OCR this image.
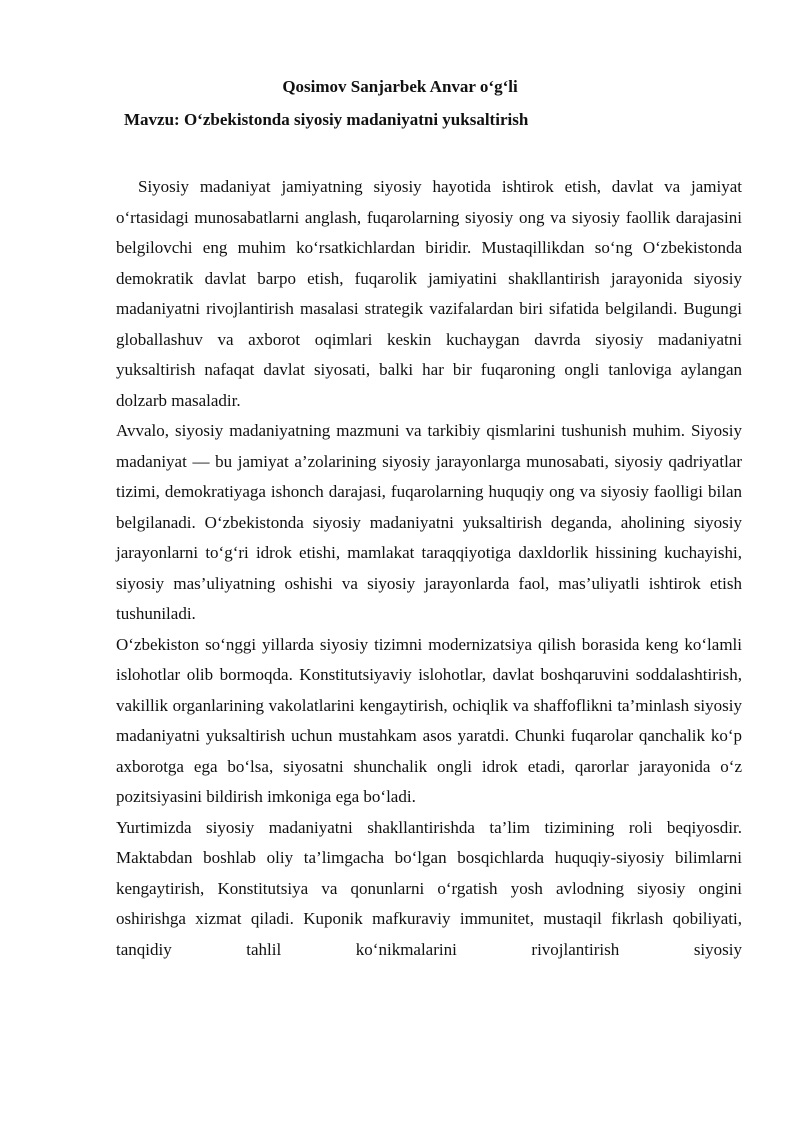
Qosimov Sanjarbek Anvar o‘g‘li

Mavzu: O‘zbekistonda siyosiy madaniyatni yuksaltirish

Siyosiy madaniyat jamiyatning siyosiy hayotida ishtirok etish, davlat va jamiyat o‘rtasidagi munosabatlarni anglash, fuqarolarning siyosiy ong va siyosiy faollik darajasini belgilovchi eng muhim ko‘rsatkichlardan biridir. Mustaqillikdan so‘ng O‘zbekistonda demokratik davlat barpo etish, fuqarolik jamiyatini shakllantirish jarayonida siyosiy madaniyatni rivojlantirish masalasi strategik vazifalardan biri sifatida belgilandi. Bugungi globallashuv va axborot oqimlari keskin kuchaygan davrda siyosiy madaniyatni yuksaltirish nafaqat davlat siyosati, balki har bir fuqaroning ongli tanloviga aylangan dolzarb masaladir.

Avvalo, siyosiy madaniyatning mazmuni va tarkibiy qismlarini tushunish muhim. Siyosiy madaniyat — bu jamiyat a’zolarining siyosiy jarayonlarga munosabati, siyosiy qadriyatlar tizimi, demokratiyaga ishonch darajasi, fuqarolarning huquqiy ong va siyosiy faolligi bilan belgilanadi. O‘zbekistonda siyosiy madaniyatni yuksaltirish deganda, aholining siyosiy jarayonlarni to‘g‘ri idrok etishi, mamlakat taraqqiyotiga daxldorlik hissining kuchayishi, siyosiy mas’uliyatning oshishi va siyosiy jarayonlarda faol, mas’uliyatli ishtirok etish tushuniladi.

O‘zbekiston so‘nggi yillarda siyosiy tizimni modernizatsiya qilish borasida keng ko‘lamli islohotlar olib bormoqda. Konstitutsiyaviy islohotlar, davlat boshqaruvini soddalashtirish, vakillik organlarining vakolatlarini kengaytirish, ochiqlik va shaffoflikni ta’minlash siyosiy madaniyatni yuksaltirish uchun mustahkam asos yaratdi. Chunki fuqarolar qanchalik ko‘p axborotga ega bo‘lsa, siyosatni shunchalik ongli idrok etadi, qarorlar jarayonida o‘z pozitsiyasini bildirish imkoniga ega bo‘ladi.

Yurtimizda siyosiy madaniyatni shakllantirishda ta’lim tizimining roli beqiyosdir. Maktabdan boshlab oliy ta’limgacha bo‘lgan bosqichlarda huquqiy-siyosiy bilimlarni kengaytirish, Konstitutsiya va qonunlarni o‘rgatish yosh avlodning siyosiy ongini oshirishga xizmat qiladi. Kuponik mafkuraviy immunitet, mustaqil fikrlash qobiliyati, tanqidiy tahlil ko‘nikmalarini rivojlantirish siyosiy
